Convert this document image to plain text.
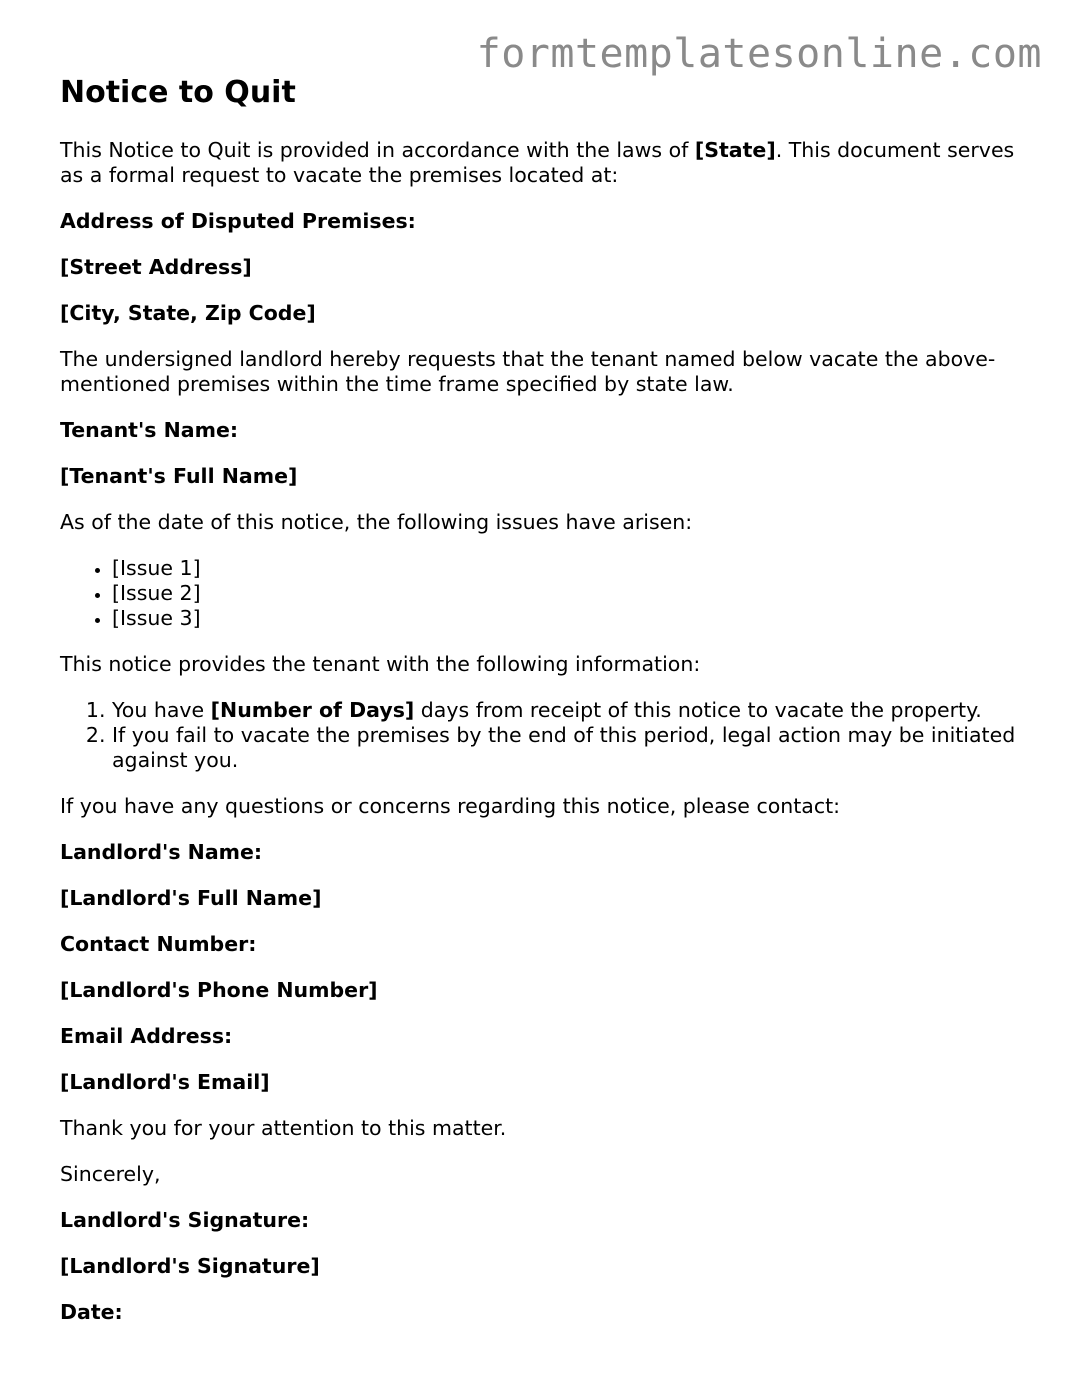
formtemplatesonline.com
Notice to Quit

This Notice to Quit is provided in accordance with the laws of [State]. This document serves as a formal request to vacate the premises located at:

Address of Disputed Premises:

[Street Address]

[City, State, Zip Code]

The undersigned landlord hereby requests that the tenant named below vacate the above-mentioned premises within the time frame specified by state law.

Tenant's Name:

[Tenant's Full Name]

As of the date of this notice, the following issues have arisen:

• [Issue 1]
• [Issue 2]
• [Issue 3]

This notice provides the tenant with the following information:

1. You have [Number of Days] days from receipt of this notice to vacate the property.
2. If you fail to vacate the premises by the end of this period, legal action may be initiated against you.

If you have any questions or concerns regarding this notice, please contact:

Landlord's Name:

[Landlord's Full Name]

Contact Number:

[Landlord's Phone Number]

Email Address:

[Landlord's Email]

Thank you for your attention to this matter.

Sincerely,

Landlord's Signature:

[Landlord's Signature]

Date:
